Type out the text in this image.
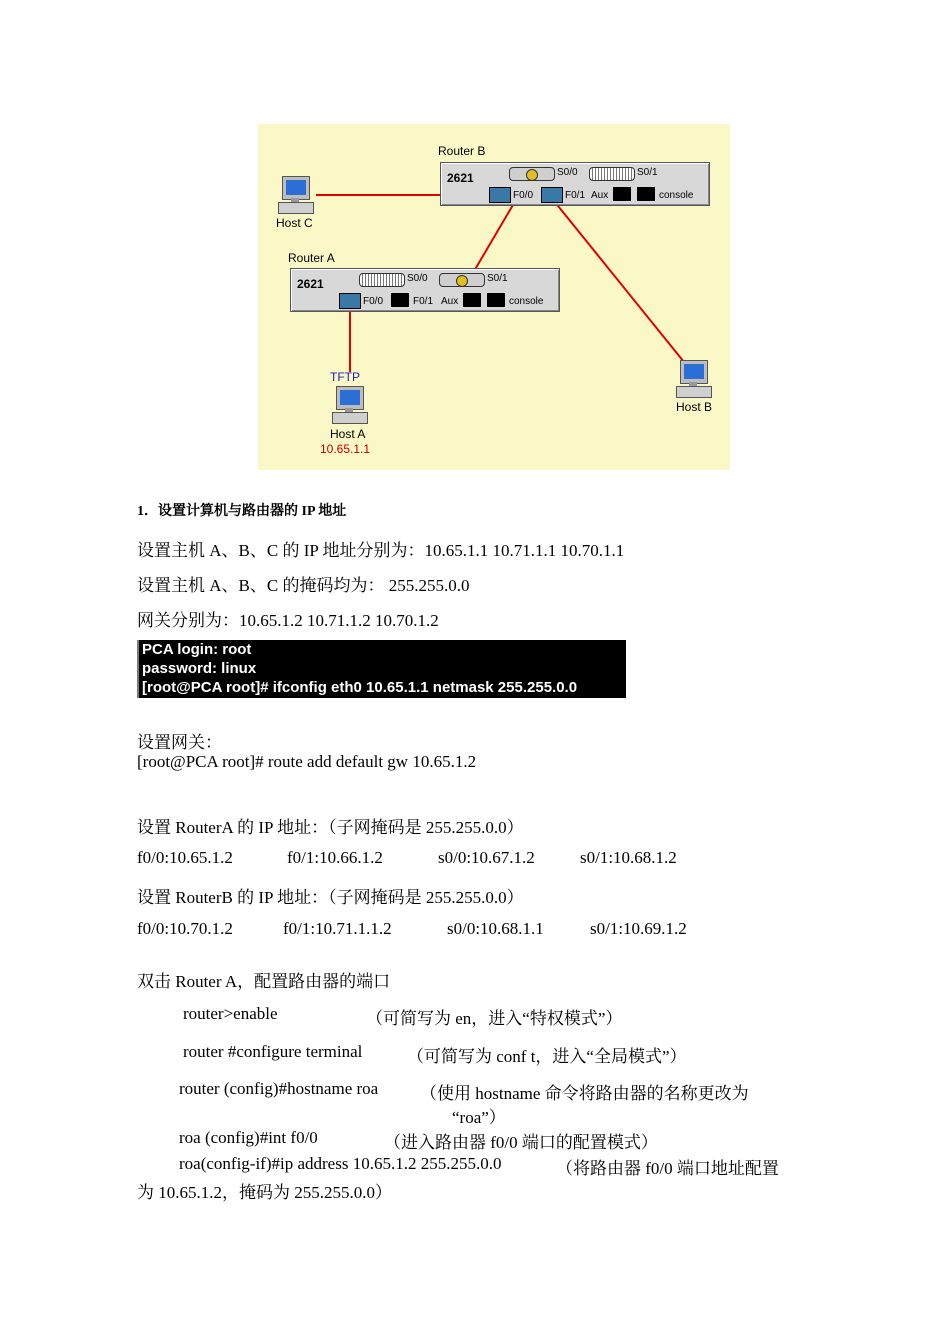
Router B
2621	S0/0	S0/1
F0/0	F0/1 Aux	console
Router A
2621	S0/0	S0/1
F0/0	F0/1 Aux	console
Host C
Host B
TFTP
Host A
10.65.1.1
1．设置计算机与路由器的 IP 地址
设置主机 A、B、C 的 IP 地址分别为：10.65.1.1 10.71.1.1 10.70.1.1
设置主机 A、B、C 的掩码均为： 255.255.0.0
网关分别为：10.65.1.2 10.71.1.2 10.70.1.2
PCA login: root
password: linux
[root@PCA root]# ifconfig eth0 10.65.1.1 netmask 255.255.0.0
设置网关：
[root@PCA root]# route add default gw 10.65.1.2
设置 RouterA 的 IP 地址：（子网掩码是 255.255.0.0）
f0/0:10.65.1.2	f0/1:10.66.1.2	s0/0:10.67.1.2	s0/1:10.68.1.2
设置 RouterB 的 IP 地址：（子网掩码是 255.255.0.0）
f0/0:10.70.1.2	f0/1:10.71.1.1.2	s0/0:10.68.1.1	s0/1:10.69.1.2
双击 Router A，配置路由器的端口
router>enable	（可简写为 en，进入“特权模式”）
router #configure terminal	（可简写为 conf t，进入“全局模式”）
router (config)#hostname roa （使用 hostname 命令将路由器的名称更改为
“roa”）
roa (config)#int f0/0	（进入路由器 f0/0 端口的配置模式）
roa(config-if)#ip address 10.65.1.2 255.255.0.0	（将路由器 f0/0 端口地址配置
为 10.65.1.2，掩码为 255.255.0.0）
